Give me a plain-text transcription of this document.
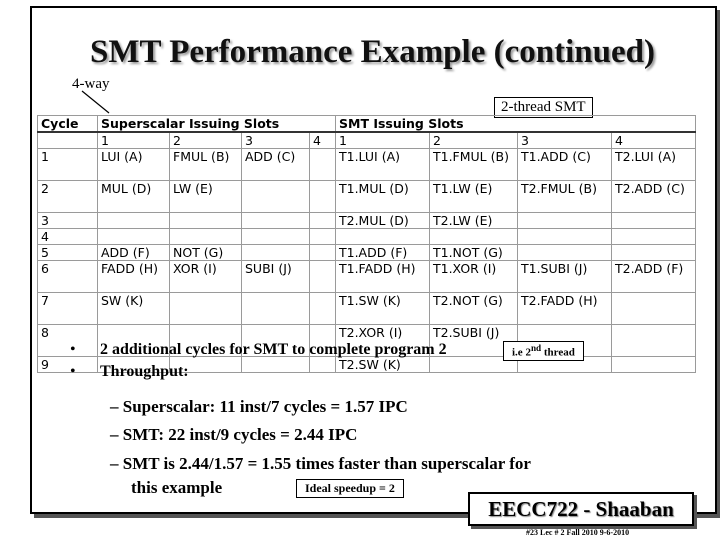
SMT Performance Example (continued)
4-way
2-thread SMT
Cycle	Superscalar Issuing Slots				SMT Issuing Slots			
	1	2	3	4	1	2	3	4

1	LUI (A)	FMUL (B)	ADD (C)		T1.LUI (A)	T1.FMUL (B)	T1.ADD (C)	T2.LUI (A)

2	MUL (D)	LW (E)			T1.MUL (D)	T1.LW (E)	T2.FMUL (B)	T2.ADD (C)

3					T2.MUL (D)	T2.LW (E)		
4								
5	ADD (F)	NOT (G)			T1.ADD (F)	T1.NOT (G)		

6	FADD (H)	XOR (I)	SUBI (J)		T1.FADD (H)	T1.XOR (I)	T1.SUBI (J)	T2.ADD (F)

7	SW (K)				T1.SW (K)	T2.NOT (G)	T2.FADD (H)	

8					T2.XOR (I)	T2.SUBI (J)		

9					T2.SW (K)			
• 2 additional cycles for SMT to complete program 2
• Throughput:
i.e 2nd thread
– Superscalar: 11 inst/7 cycles = 1.57 IPC
– SMT: 22 inst/9 cycles = 2.44 IPC
– SMT is 2.44/1.57 = 1.55 times faster than superscalar for
this example	Ideal speedup = 2
EECC722 - Shaaban
#23 Lec # 2 Fall 2010 9-6-2010
